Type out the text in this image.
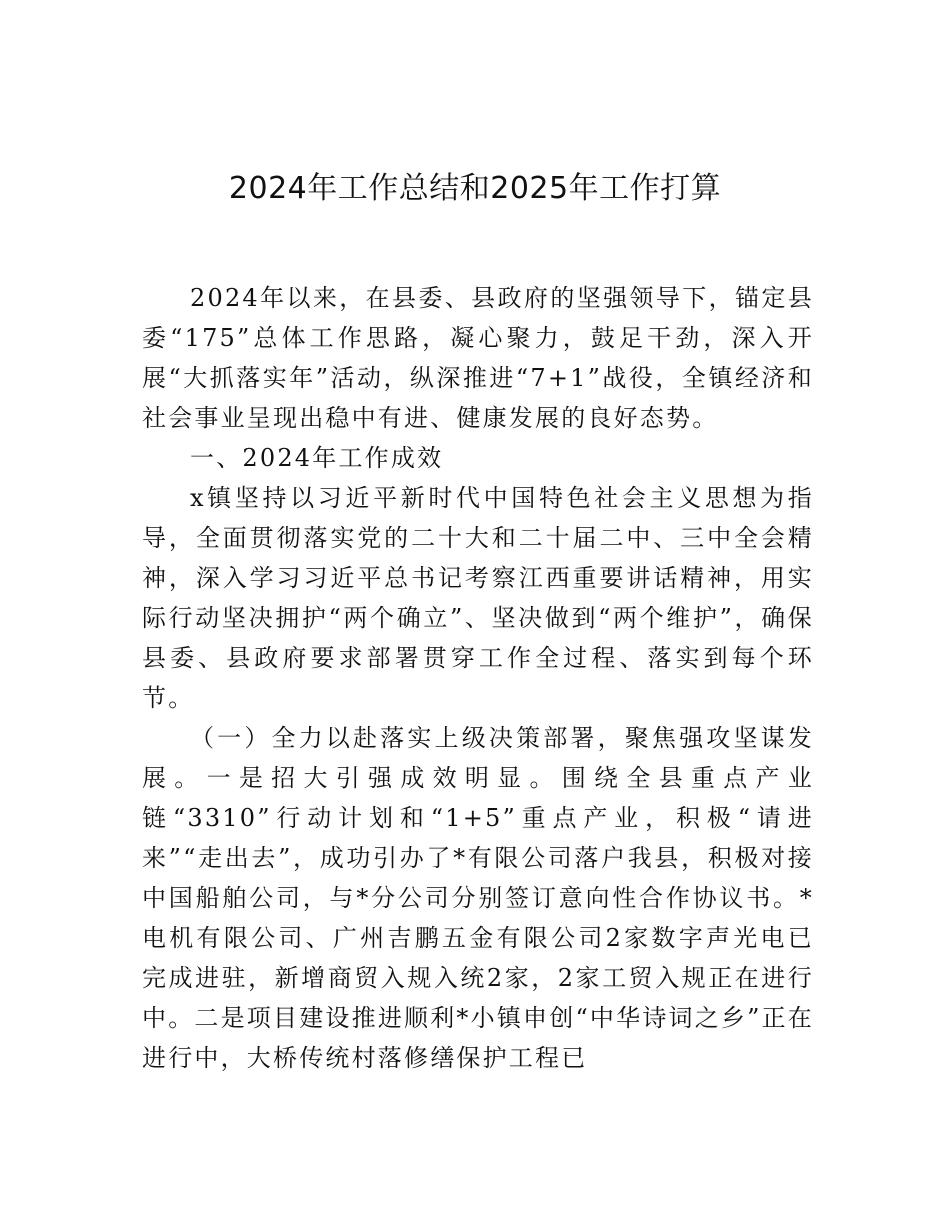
2024年工作总结和2025年工作打算

2024年以来，在县委、县政府的坚强领导下，锚定县委“175”总体工作思路，凝心聚力，鼓足干劲，深入开展“大抓落实年”活动，纵深推进“7+1”战役，全镇经济和社会事业呈现出稳中有进、健康发展的良好态势。

一、2024年工作成效

x镇坚持以习近平新时代中国特色社会主义思想为指导，全面贯彻落实党的二十大和二十届二中、三中全会精神，深入学习习近平总书记考察江西重要讲话精神，用实际行动坚决拥护“两个确立”、坚决做到“两个维护”，确保县委、县政府要求部署贯穿工作全过程、落实到每个环节。

（一）全力以赴落实上级决策部署，聚焦强攻坚谋发展。一是招大引强成效明显。围绕全县重点产业链“3310”行动计划和“1+5”重点产业，积极“请进来”“走出去”，成功引办了*有限公司落户我县，积极对接中国船舶公司，与*分公司分别签订意向性合作协议书。*电机有限公司、广州吉鹏五金有限公司2家数字声光电已完成进驻，新增商贸入规入统2家，2家工贸入规正在进行中。二是项目建设推进顺利*小镇申创“中华诗词之乡”正在进行中，大桥传统村落修缮保护工程已
